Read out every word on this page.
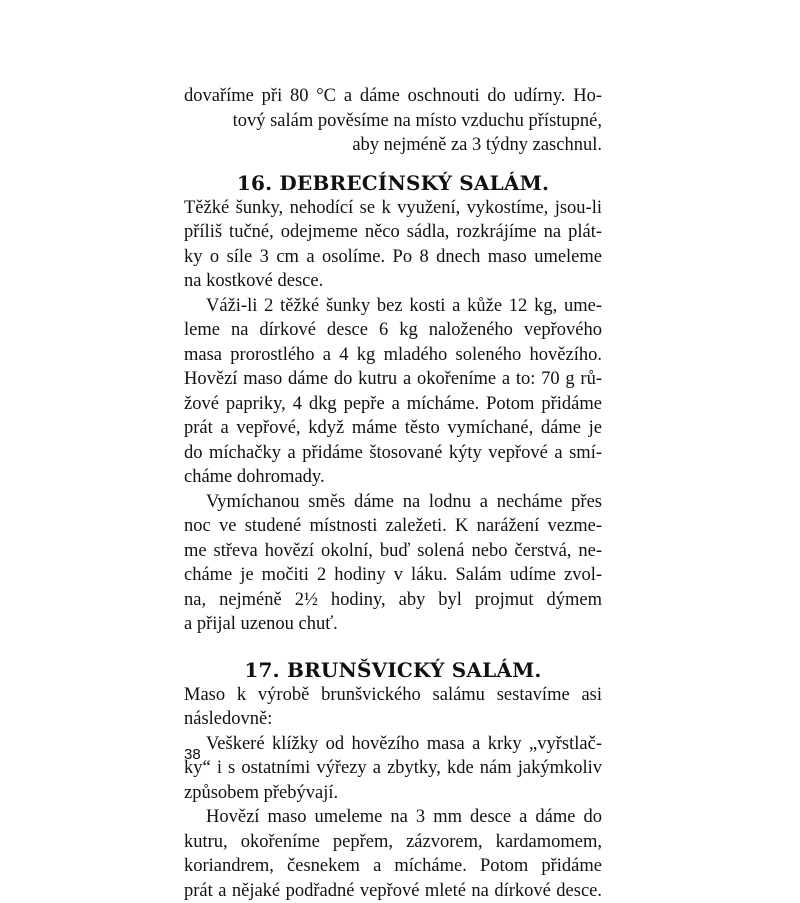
dovaříme při 80 °C a dáme oschnouti do udírny. Ho-
tový salám pověsíme na místo vzduchu přístupné,
aby nejméně za 3 týdny zaschnul.

16. DEBRECÍNSKÝ SALÁM.

Těžké šunky, nehodící se k využení, vykostíme, jsou-li
příliš tučné, odejmeme něco sádla, rozkrájíme na plát-
ky o síle 3 cm a osolíme. Po 8 dnech maso umeleme
na kostkové desce.

Váži-li 2 těžké šunky bez kosti a kůže 12 kg, ume-
leme na dírkové desce 6 kg naloženého vepřového
masa prorostlého a 4 kg mladého soleného hovězího.
Hovězí maso dáme do kutru a okořeníme a to: 70 g rů-
žové papriky, 4 dkg pepře a mícháme. Potom přidáme
prát a vepřové, když máme těsto vymíchané, dáme je
do míchačky a přidáme štosované kýty vepřové a smí-
cháme dohromady.

Vymíchanou směs dáme na lodnu a necháme přes
noc ve studené místnosti zaležeti. K narážení vezme-
me střeva hovězí okolní, buď solená nebo čerstvá, ne-
cháme je močiti 2 hodiny v láku. Salám udíme zvol-
na, nejméně 2½ hodiny, aby byl projmut dýmem
a přijal uzenou chuť.

17. BRUNŠVICKÝ SALÁM.

Maso k výrobě brunšvického salámu sestavíme asi
následovně:

Veškeré klížky od hovězího masa a krky „vyřstlač-
ky“ i s ostatními výřezy a zbytky, kde nám jakýmkoliv
způsobem přebývají.

Hovězí maso umeleme na 3 mm desce a dáme do
kutru, okořeníme pepřem, zázvorem, kardamomem,
koriandrem, česnekem a mícháme. Potom přidáme
prát a nějaké podřadné vepřové mleté na dírkové desce.

38
